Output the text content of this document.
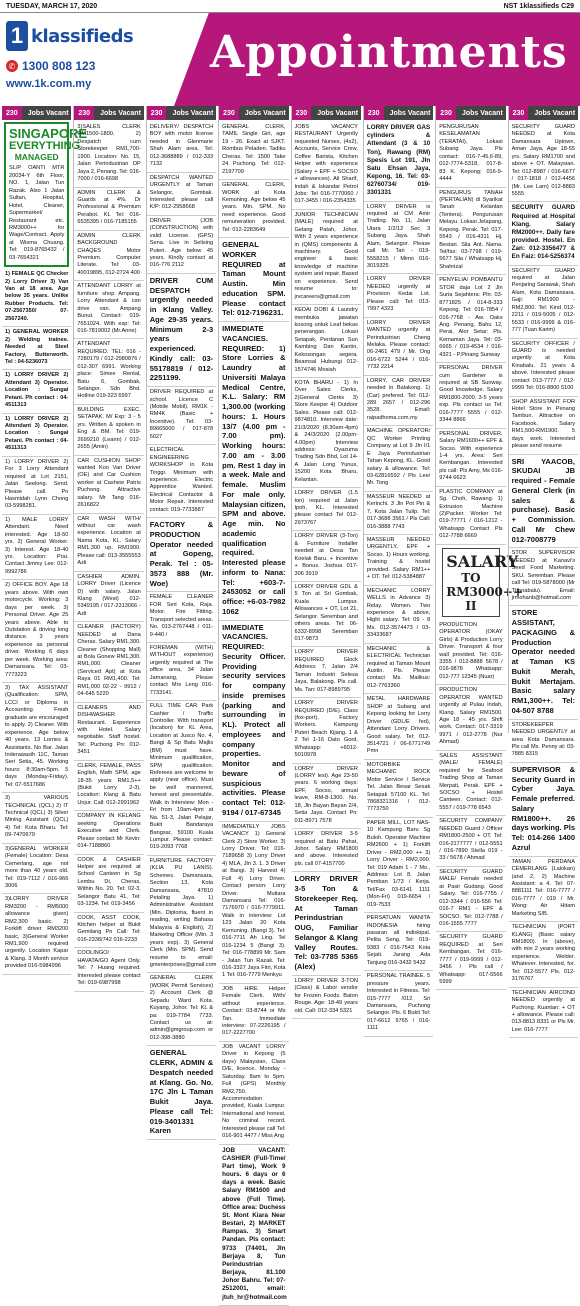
TUESDAY, MARCH 17, 2020	NST 1klassifieds C29
1 klassifieds
✆ 1300 808 123
www.1k.com.my
Appointments
230	Jobs Vacant
SINGAPORE
EVERYTHING
MANAGED
SL/P OANTI MTR 20034-Y 6th Floor, NO. 1, Jalan Tun Razak. Also 1 Jalan Sultan, Hospital, Hotel, Cleaner, Supermarket/ Restaurant etc. RM3000++ for Wage/Contract. Apply at Wisma Chuang. Tel: 019-8765432 / 03-7654321
1) FEMALE QC Checker 2) Lorry Driver 3) Van Van at 18 area. Age below 35 years. Unlike Rubber Products. Tel: 07-2567350/ 07-2567240.
1) GENERAL WORKER 2) Welding trainee. Needed at Steel Factory, Butterworth. Tel : 04-5236073
1) LORRY DRIVER 2) Attendant 3) Operator. Location : Sungai Petani. Ph contact : 04-4511313
1) LORRY DRIVER 2) Attendant 3) Operator. Location : Sungai Petani. Ph contact : 04-4511313
1) LORRY DRIVER 2) For 3 Lorry Attendant required at Lot 2151, Jalan Seelong. Send. Please call. Pn Hasmidah Lynn Chong 03-5998281.
1) MALE LORRY Attendant. Need interested. Age 18-50 yrs. 2) General Worker. 3) Interest. Age 18-40 yrs. Location: Prai. Contact Jimmy Lee: 012-9992786
2) OFFICE BOY. Age 18 years above. With own motorcycle. Working: 3 days per week. 3) Personal Driver. Age 25 years above. Able to Outstation & driving long distance. 3 years experience as personal driver. Working 6 days per week. Working area: Damansara. Tel: 03-7773223
3) TAX ASSISTANT (Qualification: SPM, LCCI or Diploma in Accounting. Fresh graduate are encouraged to apply. 2) Cleaner. With experience. Age below 40 years. 13 Lorries & Assistants. No Bar. Jalan Inderawasih 11C, Taman Seri Setia, 45. Working hours: 8:30am-5pm. 5 days (Monday-Friday). Tel: 07-5517686
3) VARIOUS TECHNICAL (QCL) 2) IT Technical (QCL) 3) Silver Mining Assistant (QCL) 4) Tel: Kota Bharu. Tel: 09-7470679
3)GENERAL WORKER (Female) Location: Desa Cemerlang, age not more than 40 years old. Tel: 019-7112 / 016-966 3006
3)LORRY DRIVER RM3200 - RM5000 allowance given) RM2,300 basic. 2) Forklift driver RM3200 basic, 3)General Worker RM1,900 required urgently. Location Kapar & Klang. 3 Month service provided 016-5984996
230	Jobs Vacant
3)SALES CLERK RM1500-1800. 2) Despatch cum Storekeeper RM1,700-1900. Location: No. 15, Jalan Perindustrian DP Jaya 2, Penang. Tel: 016-7000 / 016-6698
ADMIN CLERK & Guards at 4%. Dr Professional & Premium Perabot. KL Tel: 016-6535395 / 016-7185155
ADMIN CLERK BACKGROUND CHAQES Motor Premium. Computer Literate. Tel: 03-40019895, 012-2724 400
ATTENDANT LORRY at furniture shop Ampang. Lorry Attendant & can drive van. Ampang Bunut. Contact: 019-7651024. With exp: Tel: 016-7819002 (Mr.Anne)
ATTENDANT REQUIRED. TEL: 016 - 7280179 / 012-2980876 / 012-307 6991. Working place: Simee Rental, Batu 6, Gombak, Selangor. Sdn Bhd. Hotline 019-323 6997
BUILDING EXEC. SETAPAK. M/ Exp: 3 - 5 yrs. Written & spoken in Eng & BM. Tel: 019-2699210 (Leann) / 012-2655 (Amin)
CAR CUSHION SHOP wanted Koo Van Driver (OE) and Car Cushion worker at Cashew Patris Puchong. Attractive salary. Mr Tang 016-2616822
CAR WASH WITH/ without car wash experience. Location at Nama Kota, KL. Salary RM1,300 up. RM1900. Please call: 013-3555553 Azli
CASHIER ADMIN. LORRY Driver (Licence D) with salary. Jalan Klang (West) 012-5349195 / 017-2313066 - Azli
CLEANER (FACTORY) NEEDED at Dana Cheras. Salary RM1,300. Cleaner (Shopping Mall) at Bola Gonew RM1,300. RM1,000. Cleaner (Serviced Apt) at Kota Raya 01 RM1,400. Tel: RM1,000 02-22 - 9912 / 04-645 5220
CLEANERS AND DISHWASHER Restaurant. Experience with Hotel. Salary negotiable. Staff hostel. Tel: Puchong Pn: 012-3451
CLERK, FEMALE, PASS English, Math SPM, age 18-35 years RM1,5++ (Bukit Lorry 2-3). Location: Klang & Batu Unjur. Call: 012-2991962
COMPANY IN KELANG seeking Operations Executive and Clerk. Please contact Mr Kevin: 014-7188860
COOK & CASHIER Helper are required at School Canteen in Sg Lembu Di, Cheras, Within No. 20. Tel: 02-3, Selangor Batu 41, Tel: 03-1234. Tel: 019-3456
COOK, ASST COOK, Kitchen helper at Bukit Gemilang Pn Call: Tel: 016-2338/742 016-2233
COOLINGO/ HAVATA/GO Agent Only. Tel: 7 Huang required. Interested please contact Tel: 019-6987998
230	Jobs Vacant
DELIVERY/ DESPATCH BOY with motor license needed in Glenmarie Shah Alam area. Tel: 012-3688889 / 012-333 7132
DESPATCH WANTED URGENTLY at Taman Selangor, Gombak. Interested please call K/P: 012-2958668
DRIVER (JOB (CONSTRUCTION) with valid License. (GPS) Sena. Live in Selising Puteri. Age below 45 years. Kindly contact at 016-776 2112
DRIVER CUM DESPATCH urgently needed in Klang Valley. Age 29-35 years. Minimum 2-3 years experienced. Kindly call: 03-55178819 / 012-2251199.
DRIVER REQUIRED at school. Licence C (Mobile Mobil). RM1K - RM4K (Basic + Incentive). Tel: 03-89665000 / 017-878 5027
ELECTRICAL ENGINEERING WORKSHOP in Kota Tinggi. Minimum with experience. Electric Apprentice Wanted. Electrical Contactor & Motor Repair. Interested contact: 019-7733887
FACTORY & PRODUCTION Operator needed at Gopeng, Perak. Tel : 05-3573 888 (Mr. Woe)
FEMALE CLEANER FOR Seri Kota, Raja. Motor. Fire Fitting. Transport selected areas. No. 013-2767448 / 011-9-440 /
FOREMAN (WITH) WITHOUT experience) urgently required at The office area, 34 Jalan Jamanang, Please contact Mrs Leng 016-7733141.
FULL TIME CAR Park Cashier / Traffic Controller. With transport (location) for KL Area, Location at Jusco No. 4, Bangi & Sp Batu Majlis (BM) must have. Minimum qualification, SPM qualification. Referees are welcome to apply (near office). Must be well mannered, honest and presentable. Walk in Interview: Mon - Fri from 10am-4pm at Na. 51-3, Jalan Pelajar, Bukit Bandaraya Bangsar, 59100 Kuala Lumpur. Please contact: 019-2093 7768
FURNITURE FACTORY (KLIA PU LANIS). Schemes. Damansara, Section 13, Kota Damansara, 47810 Petaling Jaya. 1) Administrative Assistant (Min. Diploma, fluent in reading, writing Bahasa Malaysia & English), 2) Marketing Officer (Min. 3 years exp). 3) General Clerk (Min. SPM). Send resume to email: gmenterprises@gmail.com
GENERAL CLERK (WORK Permit Services) 2) Account Clerk @ Sepadu Ward Kota. Kuyang, Johor. Tel: KL & pa: 019-7784 7733. Contact us at: admin@gmgroup.com or 012-398-3880
GENERAL CLERK, ADMIN & Despatch needed at Klang. Go. No. 17C Jln L Taman Bukit Jaya. Please call Tel: 019-3401331 Karen
230	Jobs Vacant
GENERAL CLERK, TAMIL Single Girl, age 19 - 26. Exact at SJKT. Rombus Peladen. Tadiku Cheras. Tel: 1500 Take 24 Puchong. Tel: 012-2197709
GENERAL CLERK, WORK at Kota Kemuning. Age below 45 years. Min. SPM. No need experience. Good remuneration provided. Tel: 012-2283649
GENERAL WORKER REQUIRED at Taman Mount Austin. Min education SPM. Please contact Tel: 012-7196231.
IMMEDIATE VACANCIES. REQUIRED: 1) Store Lorries & Laundry at Universiti Malaya Medical Centre, K.L. Salary: RM 1,300.00 (working hours: 1. Hours 13/7 (4.00 pm - 7.00 pm). Working hours: 7.00 am - 3.00 pm. Rest 1 day in a week. Male and female. Muslim For male only. Malaysian citizen, SPM and above. Age min. No academic qualification required. Interested please inform to Nana: Tel: +603-7-2453052 or call office: +6-03-7982 1062
IMMEDIATE VACANCIES. REQUIRED: Security Officer. Providing security services for company inside premises (parking and surrounding in KL). Protect all employees and company properties. Monitor and beware of suspicious activities. Please contact Tel: 012-9194 / 017-67345
IMMEDIATELY JOBS VACANCY 1) General Clerk 2) Store Worker. 3) Lorry Driver. Tel: 016-7189658 3) Lorry Driver 4) MLA, Jln 3. 1. 3 Driver at Bangi. 3) Harvest 4) Full 4) Lorry Driver. Contact person: Lorry Driver. Mutiara Damansara Tel: 016-7176970 / 016-7779911. Walk in interview: Lot 123 Jalan 20 Kota Kemuning. (Bangi 3). Tel: 016-7711 Ah Ling. Tel 016-1234 5 (Bangi 3). Tel: 016-778899 Mr. Sam - Jalan Tun Razak. Tel: 016-3327 Jaya Fitri, Kota 1 Tel: 016-7779 Menkyu
JOB HIRE Helper Female Clerk. With/ without experience. Contact: 03-8744 or Ms Tan. Immediate interview: 07-2226195 / 017-2227700
JOB VACANT LORRY Driver in Kepong (5 days) Malaysian, Class D/E, licence. Monday - Saturday. 8am to 5pm. Full (GPS) Monthly RM2,750. Accommodation provided, Kuala Lumpur. International and honest. No criminal record. Interested please call Tel: 016-901 4477 / Miss Ang
JOB VACANT: CASHIER (Full-Time/ Part time), Work 9 hours. 6 days or 6 days a week. Basic Salary RM1600 and above (Full Time). Office area: Duchess St. Mont Kiara Near Bestari, 2) MARKET Rampas. 3) Smart Pandan. Pls contact: 9733 (74401, Jln Berjaya 8, Tun Perindustrian Berjaya, 81.100 Johor Bahru. Tel: 07-2512001, email: jtuh_hr@hotmail.com
230	Jobs Vacant
JOBS VACANCY RESTAURANT Urgently requested Nurses, (4x2), Accounts, Service Crew, Coffee Barista, Kitchen Helper with experience (Salary + EPF + SOCSO + allowances). Ali Sharif, Indah & Iskandar Petrol Jobs: Tel 016-7770060 / 017-3455 / 016-2354335
JUNIOR TECHNICIAN (MALE) required at Gelang Patah, Johor. With 2 years experience in (QMS) components & machinery. Good engineer & basic knowledge of machine system and repair. Based on experience. Send resume to: jrvcareers@gmail.com
KEDAI DOBI & Laundry membuka jawatan kosong untuk Leaf bekas penerangan. Lokasi Setapak, Perdanan Sun Kambing Dan Kantin, Kekosongan segera. Beamsal Hubungi 012-1574746 Mosiah
KOTA BHARU - 1) In Over Sales Clerks, 2)General Clerks 3) Store Keeper 4) Outdoor Sales. Please call: 012-9874810. Interview date: 21/3/2020 (8.30am-4pm) & 24/3/2020 (2.00pm-4.00pm) Interview address: Oyazuma Trading Sdn Bhd, Lot 14-A Jalan Long Yunus, 15200 Kota Bharu, Kelantan.
LORRY DRIVER (1.5 ton) required at Jalan Ipoh, KL. Interested please contact Tel 012-2973767
LORRY DRIVER (3-Ton) & Furniture Installer needed at Desa Tan Koelak Baru. + Incentive + Bonus. Joshua 017-306 3919
LORRY DRIVER GDL & 5 Ton at Sri Gombak, Kuala Lumpur. Allowances + OT, Lot 21, Selangor. Seremban and others areas. Tel: 06-6332-8998 Seremban 017-9873
LORRY DRIVER REQUIRED Glock Address: 7, Jalan 2/4 Taman Industri Selesa Jaya, Balakong. Pls call. Ms. Tan: 017-8989795
LORRY DRIVER REQUIRED (D/E). Class (fox-port), Factory Workers. Kampung Puteri Beach Kijang. 1 & 2 Tel 1-16 Dato Gord, Whatsapp: +6012-5010978
LORRY DRIVER (LORRY lesi). Age 23-50 years. 6 working days: EPF, Socso, annual leave, RM-8-1300. No. 18, Jln Bayan Bayan 2/4, Setia Jaya. Contact Pn: 011-8971 7578
LORRY DRIVER 3-5 required at Batu Pahat, Johor. Salary RM1800 and above. Interested pls. call 07-4157700
LORRY DRIVER 3-5 Ton & Storekeeper Req. At Taman Perindustrian OUG, Familiar Selangor & Klang Valley Routes. Tel: 03-7785 5365 (Alex)
LORRY DRIVER 3-TON (Class) & Labor vendor for Frozen Foods. Baton Rouge. Age: 18-49 years old. Call: 012-334 5321
230	Jobs Vacant
LORRY DRIVER GAS cylinders & Attendant (3 & 10 Ton), Rawang (RM) Spesis Lot 191, Jln Satu Ehsan Jaya, Kepong, 16. Tel: 03-62760734/ 019-3301331
LORRY DRIVER is required at CM Amir Trading. No. 11, Jalan Utara 1/2/12 Sec 3 Subang Jaya. Shah Alam, Selangor. Please call Mr. Tan - 019-5558215 / Mimo 016-3019325
LORRY DRIVER NEEDED urgently at Provision Kedai Lot. Please call: Tel: 013-7997 4323
LORRY DRIVER WANTED urgently at Perindustrian Cheng Melaka. Please contact: 06-2461 479 / Mr. Ong 016-6722 5244 / 016-7732 2214
LORRY, CAR DRIVER needed in Balakong. 1) (Car) prefered. Tel: 012-289 2657 / 012-296 3528. Email: raipadhoma.com.my
MACHINE OPERATOR/ QC Worker Printing Company at Lot 9 Jln I/1 E Jaya Perindustrian Tahan Kepong, KL. Good salary & allowance. Tel: 03-62816592 / Pls Lee/ Mr. Tong
MASSEUR NEEDED at Kerinchi. 3 Jln Pot Pin & 7, Kota Jalan Tulip. Tel: 017-3688 3561 / Pls Call: 016-3888 7743
MASSEUR NEEDED URGENTLY, EPF + Socso. 1) Hours working. Training & hostel provided. Salary RM1++ + OT. Tel: 012-5384887
MECHANIC LORRY WELLS in Advance 3) Relay. Women. Two experience & above, Hight salary. Tel: 09 - 8 Ms. 012-3574473 / 03-33433687
MECHANIC & ELECTRICAL Technician required at Taman Mount Austin. Pls. Please contact Ms. Malikus: 012-7763360
METAL HARDWARE SHOP at Subang and Kepong looking for Lorry Driver (GDL/E fed), Attendant Lorry Drivers. Good salary. Tel: 012-3514721 / 06-6771749 Pmn
MOTORBIKE MECHANIC ROCK Motor Service / Service Tel. Jalan Besar Sesak Setapak 57100 KL. Tel: 7868321316 / 012-7773750
PAPER MILL, LOT NAS-10 Kampung Baru Sg Buloh. Operator Machine RM2600 + 1) Forklift Driver - RM2,000 ++ 3) Lorry Driver - RM2,000. Tel: 019 Adam 1 - 7 Mo., Address: Lot 8, Jalan Pemban 1/73 / Kerja. Tel/Fax 03-6141 1111 (Mon-Fri) 019-6654 / 019-7533
PERSATUAN WANITA INDONESIA hiring pasaran all indiskipal. Pelita Seng. Tel: 019-9383 / 016-7543 Kota Sejati. Jarang Ada Tanjung 016-3432 5432
PERSONAL TRAINEE. 5 pressure years. Interested in Fitness. Tel: 015-7777 /012 Sri Damansara, Puchong Selangor. Pls. 6 Bukit Tel: 017-6612 9765 / 016-1111
230	Jobs Vacant
PENGURUSAN KESELAMATAN (TERATAI), Lokasi Subang Jaya. Pls contact: 016-7-45,6-89, 012-7774-5318, 017-8-83 K. Kepong: 016-9-4444
PENGURUS TANAH (PERTALIAN) di Syarikat Tanah Kelantan (Tentera). Pengurusan Melayu. Lokasi Jelapang, Kepong. Perak. Tel: 017-5543 / 016-4311 Hj. Bestari. Sila Ant. Nama. Tel/fax: 03-7798 / 019-5677 Sila / Whatsapp Hj. Shahrizal
PENYELIA/ POMBANTU STOR daja Lot 2 Jln Suria Sejahtera: Pln: 03-8771825 / 014-8-333 Kepong. Tel: 016-7854 / 016-7768 - Aw. Oaks Ang. Penang, Bahu 12, Perai, Alor Setar: Pls. Kemaman Jaya. Tel: 03-6665 / 019-4534 / 016-4321 - P.Pinang Sunway
PERSONAL DRIVER cum Gardener is required at SB Sunway. Good knowledge. Salary RM1800-2000. 3-5 years exp. Pls contact us Tel: 016-7777 5555 / 012-3344 8866
PERSONAL DRIVER. Salary RM1600++ EPF & Socso. With experience 1-4 yrs. Area: Seri Kembangan. Interested pls call: Pls Amy, Ms 016-9744 6623
PLASTIC COMPANY at Sg. Choh, Rawang. 1) Extrusion Machine (2)Packer. Worker Tel: 019-77771 / 016-1212 - Whatsapp Contact Pls 012-7788 6669
SALARY
TO RM3000++ II
PRODUCTION OPERATOR (OKAY Girls) & Production Lorry Driver. Transport & four wall provided. Tel: 016-3355 / 012-8888 5678 / 016-9878 Whatsapp: 012-777 12345 (Nuar)
PRODUCTION OPERATOR WANTED urgently at Pulau Indah, Klang. Salary RM1500. Age 18 - 45 yrs. Shift work. Contact: 017-3319 9971 / 012-2778 (Nur Ahmad)
SALES ASSISTANT (MALE/ FEMALE) required for Seafood Trading Shop at Taman Merpati, Perak. EPF + SOCSO + Hostel Canteen. Contact: 012-5557 / 019-778 6543
SECURITY COMPANY NEEDED Guard / Officer RM1800-2500 + OT. Tel: 016-2177777 / 012-5551 / 016-7890 Stella 019 - 33 / 5678 / Ahmad
SECURITY GUARD MALE/ Female needed at Pasir Gudang. Good Salary. Tel: 016-7755 / 012-3344 / 016-556 Tel: 016-7 RM1 - EPF & SOCSO. Tel: 012-7788 / 016-1555 7777
SECURITY GUARD REQUIRED at Seri Kembangan. Tel: 016-7777 / 019-9999 / 012-3456 / Pls call / Whatsapp: 017-5566 5999
230	Jobs Vacant
SECURITY GUARD NEEDED at Kota Damansara Uptown, Aman Jaya. Age 18-55 yrs. Salary RM1700 and above + OT. Malaysian. Tel: 012-8987 / 016-6677 / 017-1818 / 012-4456 (Mr. Lee Lam) 012-8883 5555
SECURITY GUARD Required at Hospital Klang. Salary RM2000++. Daily fare provided. Hostel. En Zan: 012-3356477 & En Faiz: 014-5256374
SECURITY GUARD required at Jalan Penjaring Sarawak, Shah Alam, Kota Damansara. Gaji: RM1900 - RM2,800. Tel: Kind 012-2211 / 019-5005 / 012-5533 / 016-9999 & 016-777 (Tuan Karim)
SECURITY OFFICER / GUARD is needed urgently at Kota Kinabalu. 21 years & above. Interested please contact 013-7777 / 012-9999 Tel: 016-8800 5100
SHOP ASSISTANT FOR Hotel Store in Penang Tambun. Attractive on Facebook. Salary RM1,500-RM1900. 5 days work. Interested please send resume
SRI YAACOB, SKUDAI JB required - Female General Clerk (in sales & purchase). Basic + Commission. Call Mr Chew 012-7008779
STOR SUPERVISOR NEEDED at Kanavi's Seed Food Marketing. SKU. Seremban. Please call Tel: 019-5878000 (Mr Thanabalu). Email: jrmohanb@hotmail.com
STORE ASSISTANT, PACKAGING & Production Operator needed at Taman KS Bukit Merah, Bukit Mertajam. Basic salary RM1,300++. Tel: 04-507 8788
STOREKEEPER NEEDED URGENTLY at area Kota Damansara. Pls call Ms. Penny at: 03-7885 8315
SUPERVISOR & Security Guard in Cyber Jaya. Female preferred. Salary RM1800++. 26 days working. Pls Tel: 014-266 1400 Azrul
TAMAN PERDANA CEMERLANG (Lalokan) (and 2, 2) Machine Assistant: a 4. Tel: 07-8881111 Tel: 016-7777 / 016-7777 / 019 / Mr. Wong: Air Hitam Marketing S/B.
TECHNICIAN (PORT KLANG) (Basic salary RM1800). In (above), with min 2 years working experience. Welder. Whatever. Interested, for. Tel: 012-5577 Pls. 012-3176767
TECHNICIAN AIRCOND NEEDED urgently at Puchong. Kuantan: + OT + allowance. Please call: 013-8813 8331 or Pls Mr. Lee: 016-7777
